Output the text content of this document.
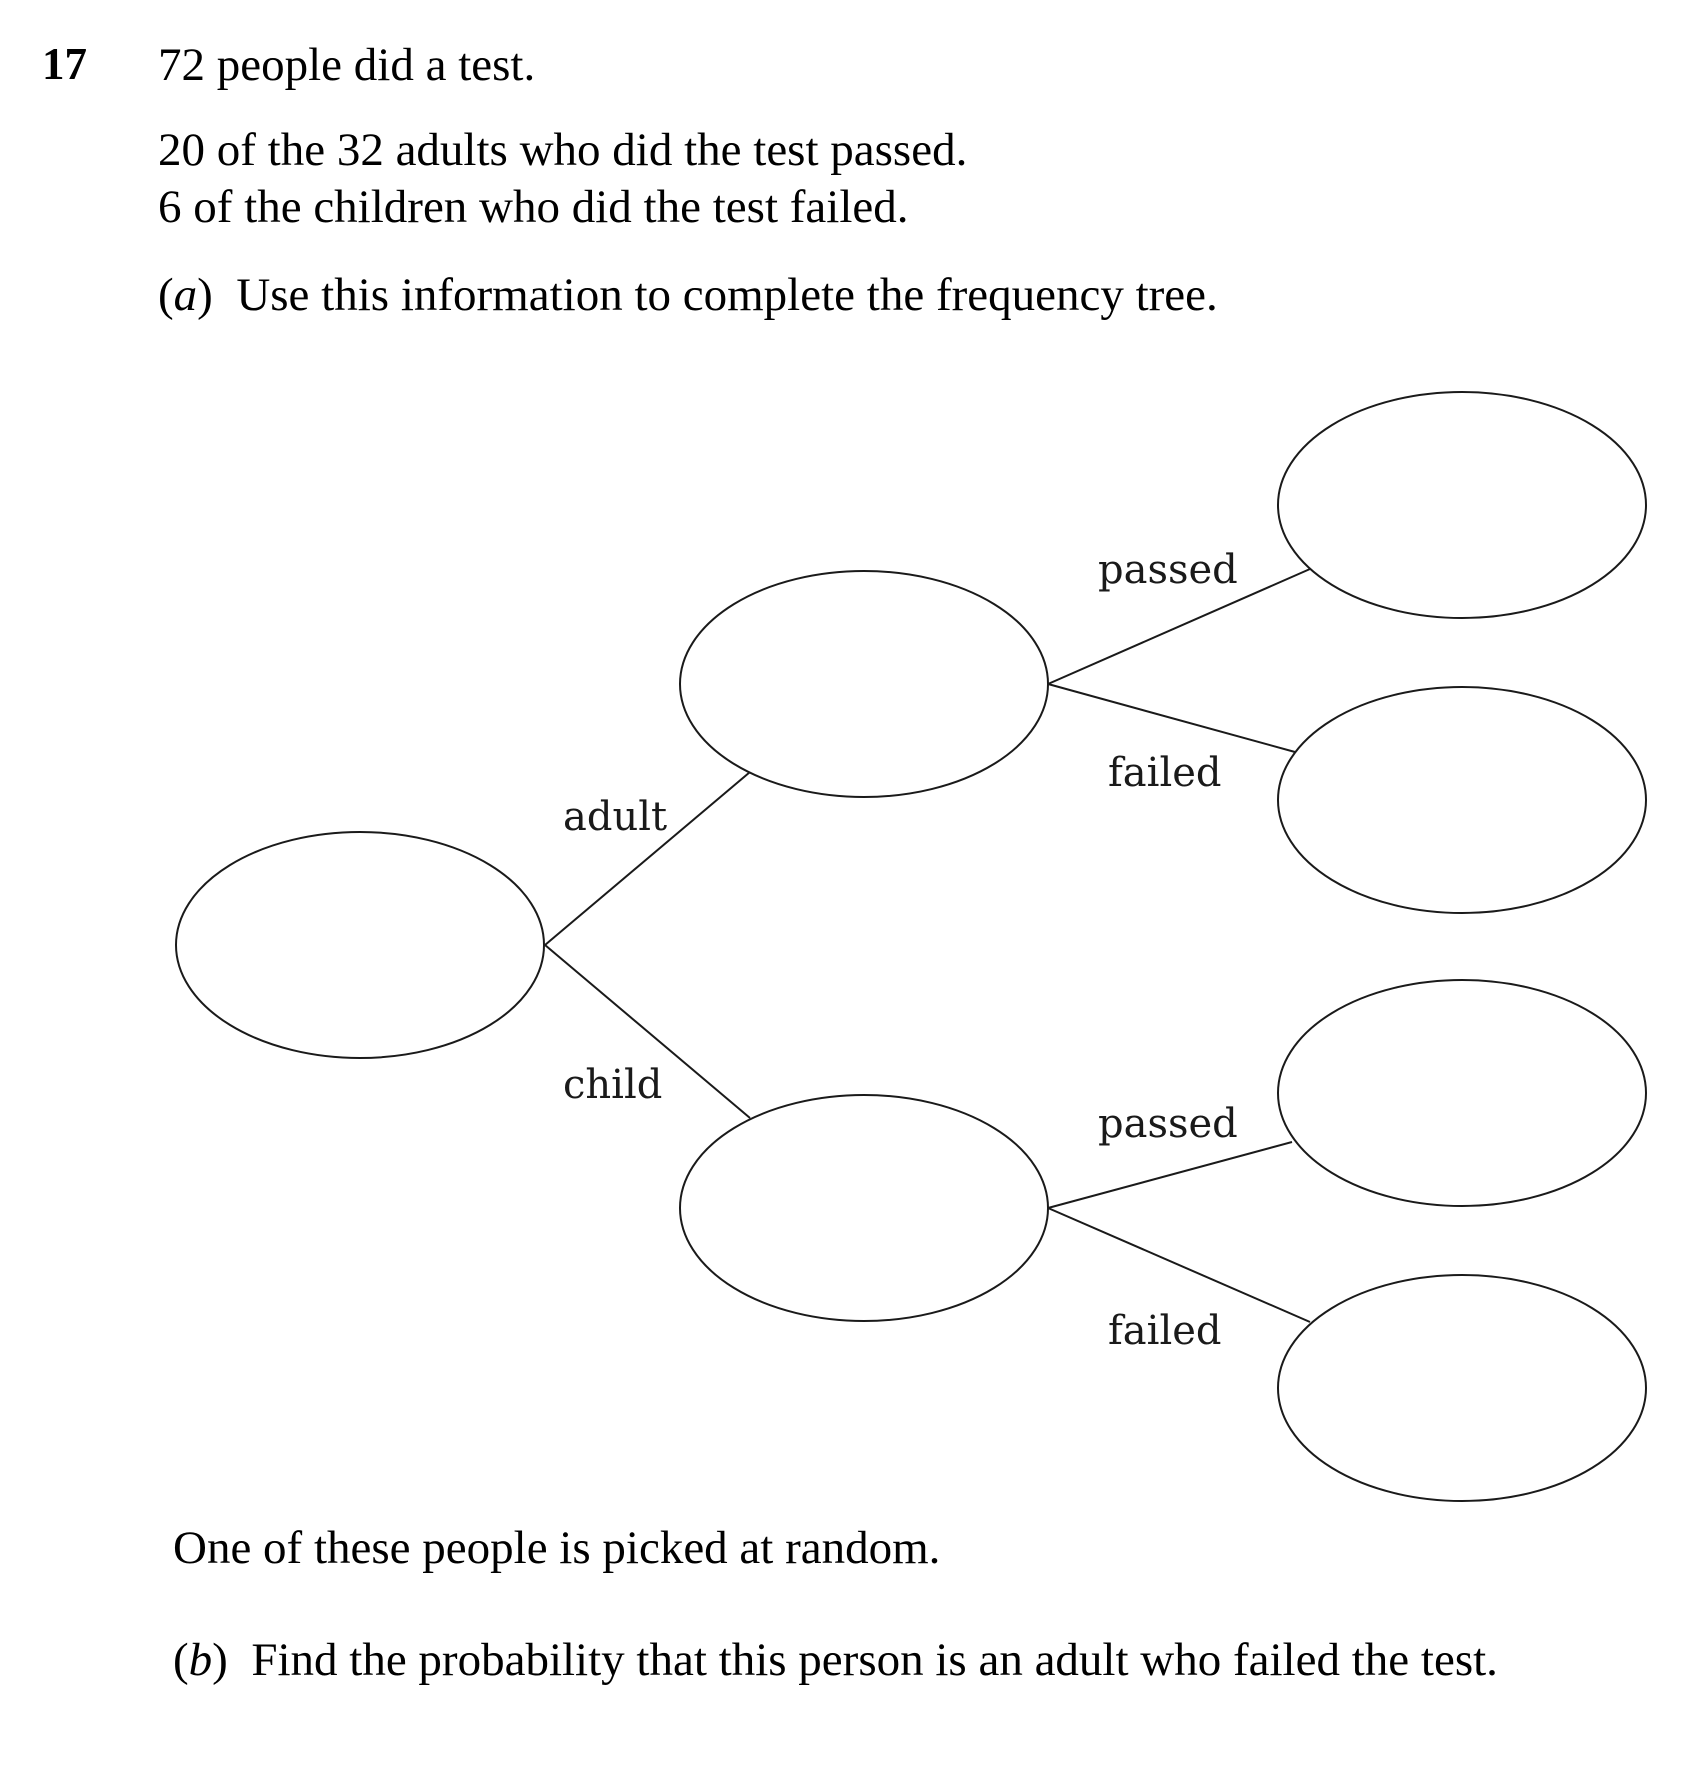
17 72 people did a test.
20 of the 32 adults who did the test passed.
6 of the children who did the test failed.
(a) Use this information to complete the frequency tree.
adult
child
passed
failed
passed
failed
One of these people is picked at random.
(b) Find the probability that this person is an adult who failed the test.
